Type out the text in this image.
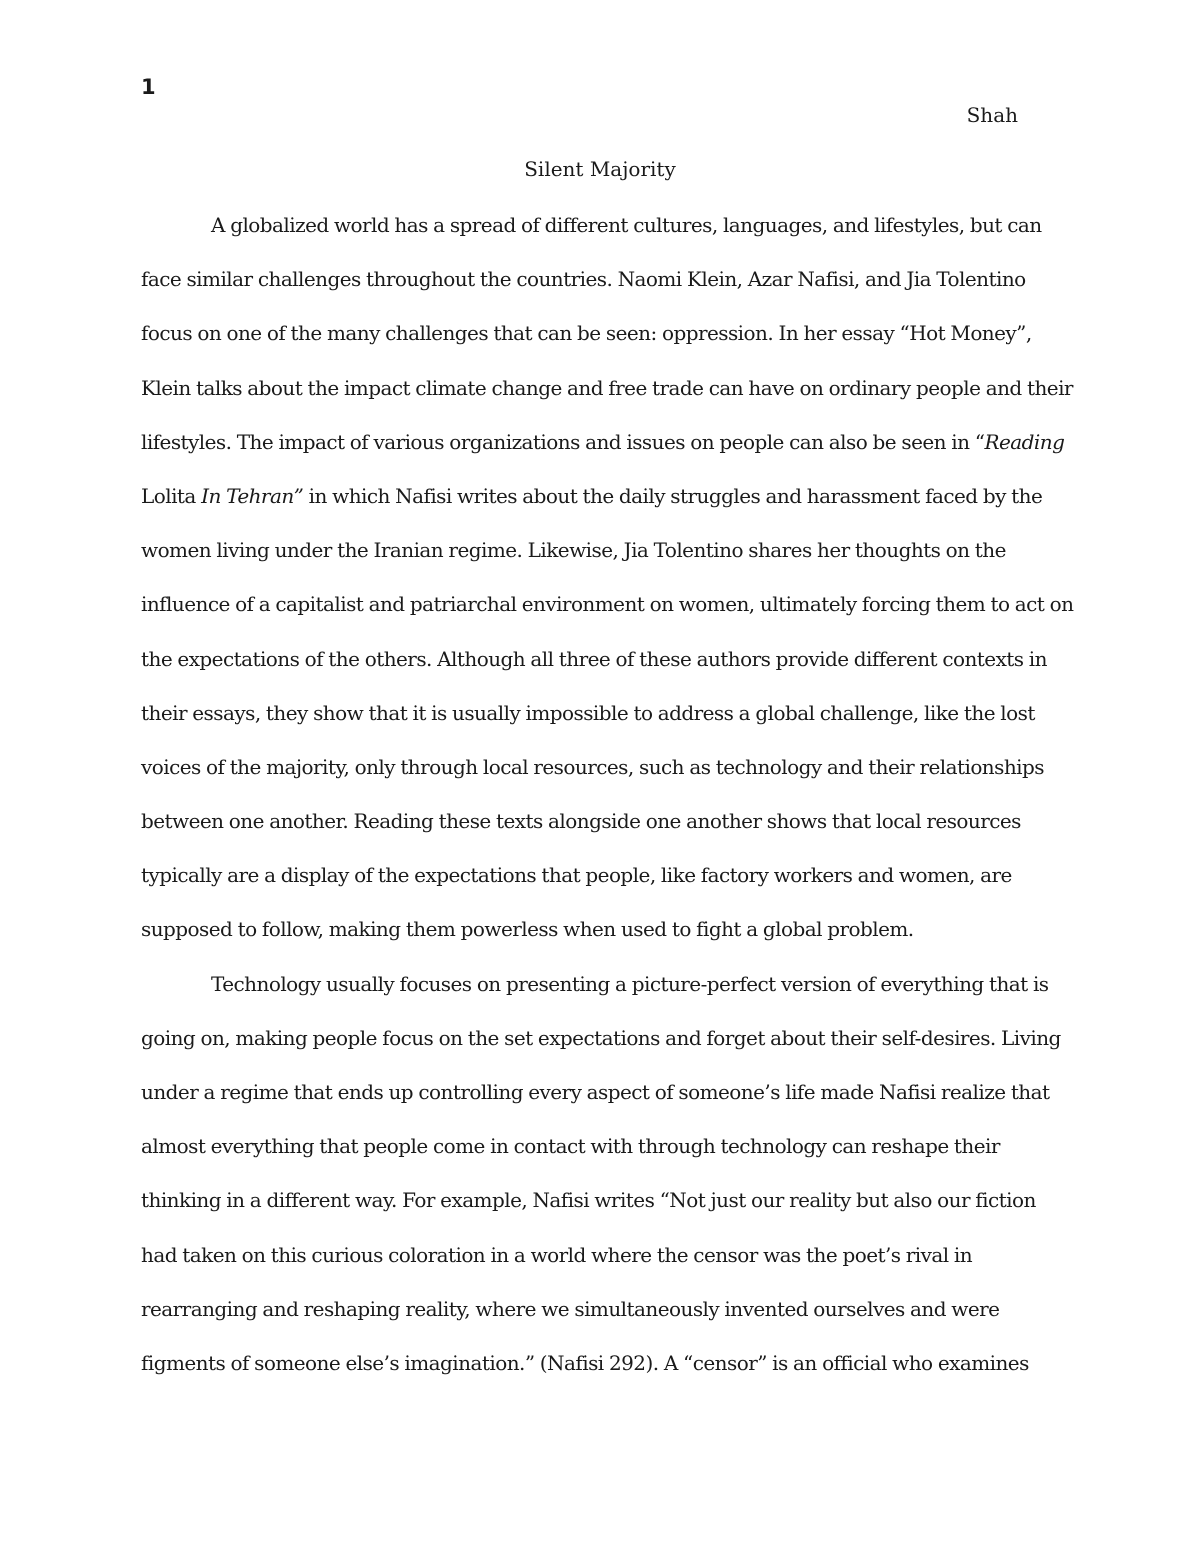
1
Shah
Silent Majority
A globalized world has a spread of different cultures, languages, and lifestyles, but can
face similar challenges throughout the countries. Naomi Klein, Azar Nafisi, and Jia Tolentino
focus on one of the many challenges that can be seen: oppression. In her essay “Hot Money”,
Klein talks about the impact climate change and free trade can have on ordinary people and their
lifestyles. The impact of various organizations and issues on people can also be seen in “Reading
Lolita In Tehran” in which Nafisi writes about the daily struggles and harassment faced by the
women living under the Iranian regime. Likewise, Jia Tolentino shares her thoughts on the
influence of a capitalist and patriarchal environment on women, ultimately forcing them to act on
the expectations of the others. Although all three of these authors provide different contexts in
their essays, they show that it is usually impossible to address a global challenge, like the lost
voices of the majority, only through local resources, such as technology and their relationships
between one another. Reading these texts alongside one another shows that local resources
typically are a display of the expectations that people, like factory workers and women, are
supposed to follow, making them powerless when used to fight a global problem.
Technology usually focuses on presenting a picture-perfect version of everything that is
going on, making people focus on the set expectations and forget about their self-desires. Living
under a regime that ends up controlling every aspect of someone’s life made Nafisi realize that
almost everything that people come in contact with through technology can reshape their
thinking in a different way. For example, Nafisi writes “Not just our reality but also our fiction
had taken on this curious coloration in a world where the censor was the poet’s rival in
rearranging and reshaping reality, where we simultaneously invented ourselves and were
figments of someone else’s imagination.” (Nafisi 292). A “censor” is an official who examines
